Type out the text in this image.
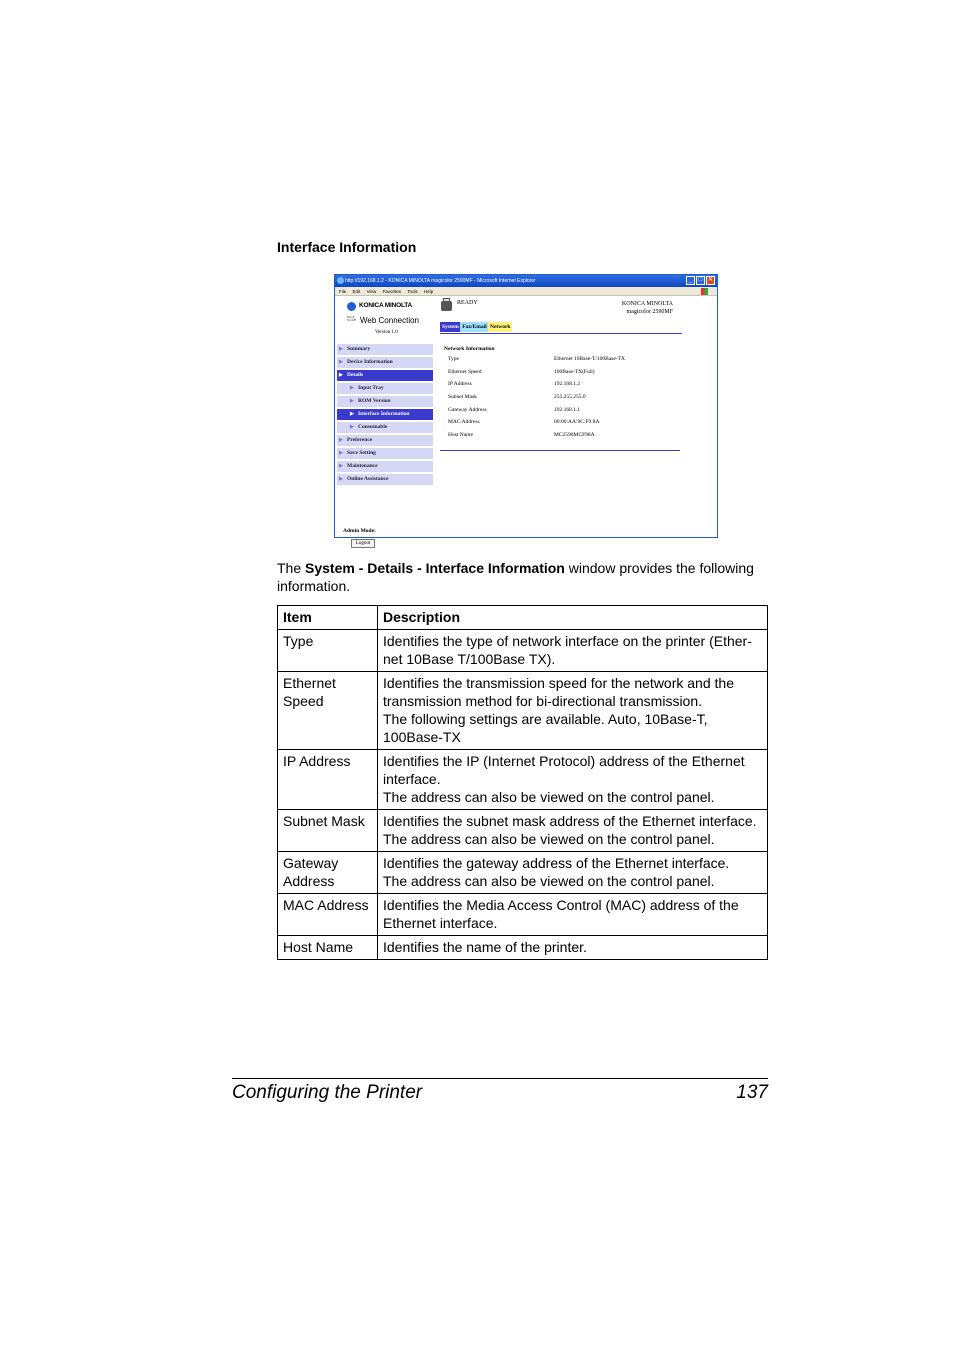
Interface Information
http://192.168.1.2 - KONICA MINOLTA magicolor 2590MF - Microsoft Internet Explorer	_	□ ✕
File Edit View Favorites Tools Help
KONICA MINOLTA
PAGE SCOPE Web Connection
Version 1.0
▶ Summary
▶ Device Information
▶ Details
▶ Input Tray
▶ ROM Version
▶ Interface Information
▶ Consumable
▶ Preference
▶ Save Setting
▶ Maintenance
▶ Online Assistance
Admin Mode:
Logout
READY	KONICA MINOLTA
magicolor 2590MF
System Fax/Email Network
Network Information
Type	Ethernet 10Base-T/100Base-TX
Ethernet Speed	100Base-TX(Full)
IP Address	192.168.1.2
Subnet Mask	255.255.255.0
Gateway Address	192.168.1.1
MAC Address	00:00:AA:9C:F9:8A
Host Name	MC2590MCF98A
The System - Details - Interface Information window provides the following information.
Item	Description
Type	Identifies the type of network interface on the printer (Ether-net 10Base T/100Base TX).

Ethernet Speed	Identifies the transmission speed for the network and the transmission method for bi-directional transmission.
The following settings are available. Auto, 10Base-T, 100Base-TX

IP Address	Identifies the IP (Internet Protocol) address of the Ethernet interface.
The address can also be viewed on the control panel.

Subnet Mask	Identifies the subnet mask address of the Ethernet interface.
The address can also be viewed on the control panel.

Gateway Address	Identifies the gateway address of the Ethernet interface.
The address can also be viewed on the control panel.

MAC Address	Identifies the Media Access Control (MAC) address of the Ethernet interface.

Host Name	Identifies the name of the printer.
Configuring the Printer	137
